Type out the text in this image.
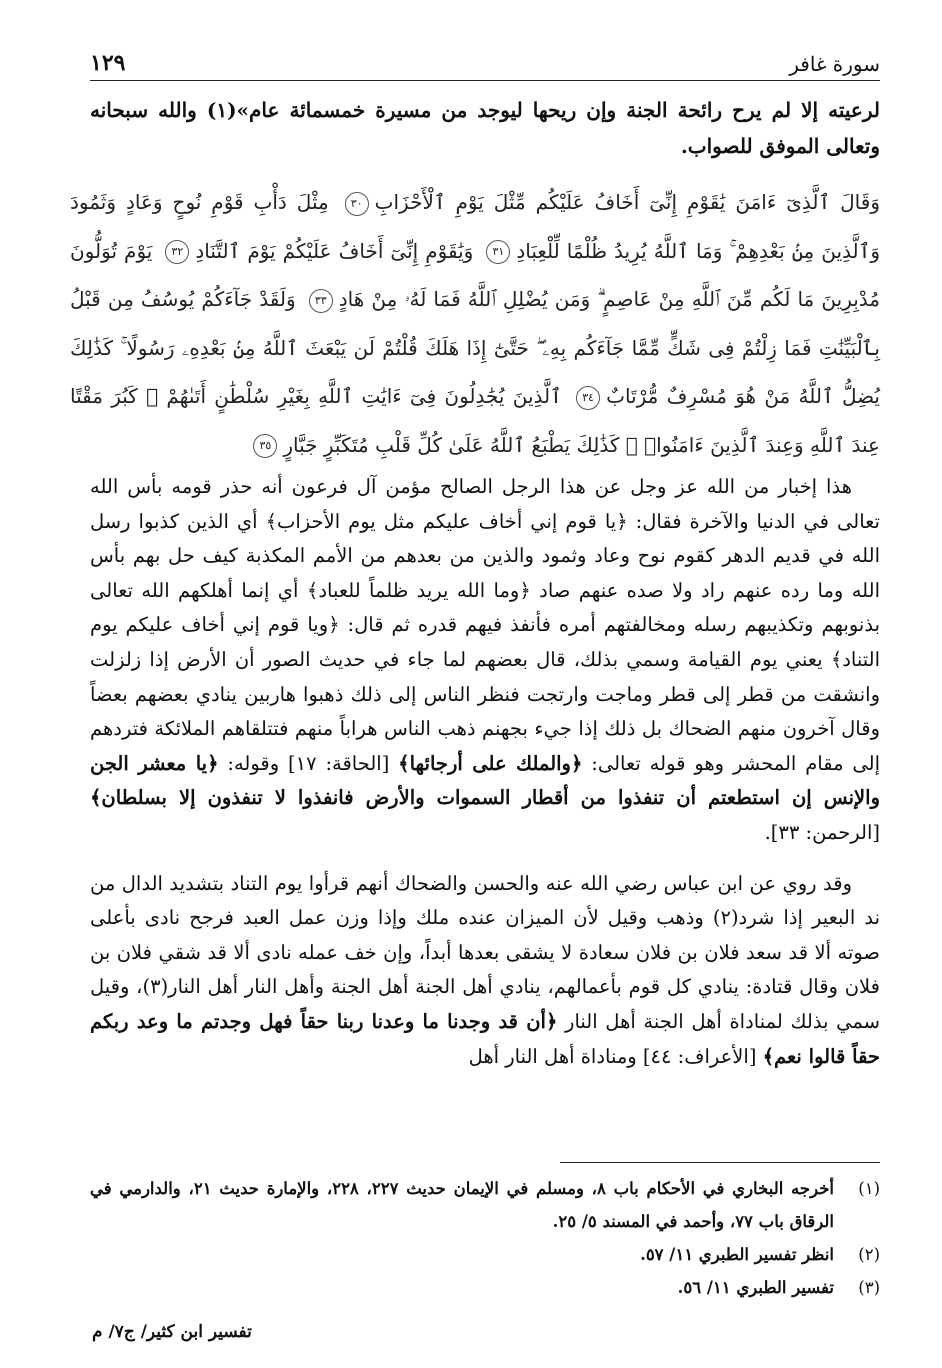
سورة غافر
١٢٩
لرعيته إلا لم يرح رائحة الجنة وإن ريحها ليوجد من مسيرة خمسمائة عام»(١) والله سبحانه وتعالى الموفق للصواب.
وَقَالَ ٱلَّذِىٓ ءَامَنَ يَٰقَوْمِ إِنِّىٓ أَخَافُ عَلَيْكُم مِّثْلَ يَوْمِ ٱلْأَحْزَابِ٣٠ مِثْلَ دَأْبِ قَوْمِ نُوحٍ وَعَادٍ وَثَمُودَ وَٱلَّذِينَ مِنۢ بَعْدِهِمْ ۚ وَمَا ٱللَّهُ يُرِيدُ ظُلْمًا لِّلْعِبَادِ٣١ وَيَٰقَوْمِ إِنِّىٓ أَخَافُ عَلَيْكُمْ يَوْمَ ٱلتَّنَادِ٣٢ يَوْمَ تُوَلُّونَ مُدْبِرِينَ مَا لَكُم مِّنَ ٱللَّهِ مِنْ عَاصِمٍ ۗ وَمَن يُضْلِلِ ٱللَّهُ فَمَا لَهُۥ مِنْ هَادٍ٣٣ وَلَقَدْ جَآءَكُمْ يُوسُفُ مِن قَبْلُ بِٱلْبَيِّنَٰتِ فَمَا زِلْتُمْ فِى شَكٍّ مِّمَّا جَآءَكُم بِهِۦ ۖ حَتَّىٰٓ إِذَا هَلَكَ قُلْتُمْ لَن يَبْعَثَ ٱللَّهُ مِنۢ بَعْدِهِۦ رَسُولًا ۚ كَذَٰلِكَ يُضِلُّ ٱللَّهُ مَنْ هُوَ مُسْرِفٌ مُّرْتَابٌ٣٤ ٱلَّذِينَ يُجَٰدِلُونَ فِىٓ ءَايَٰتِ ٱللَّهِ بِغَيْرِ سُلْطَٰنٍ أَتَىٰهُمْ ۖ كَبُرَ مَقْتًا عِندَ ٱللَّهِ وَعِندَ ٱلَّذِينَ ءَامَنُوا۟ ۚ كَذَٰلِكَ يَطْبَعُ ٱللَّهُ عَلَىٰ كُلِّ قَلْبِ مُتَكَبِّرٍ جَبَّارٍ٣٥

هذا إخبار من الله عز وجل عن هذا الرجل الصالح مؤمن آل فرعون أنه حذر قومه بأس الله تعالى في الدنيا والآخرة فقال: ﴿يا قوم إني أخاف عليكم مثل يوم الأحزاب﴾ أي الذين كذبوا رسل الله في قديم الدهر كقوم نوح وعاد وثمود والذين من بعدهم من الأمم المكذبة كيف حل بهم بأس الله وما رده عنهم راد ولا صده عنهم صاد ﴿وما الله يريد ظلماً للعباد﴾ أي إنما أهلكهم الله تعالى بذنوبهم وتكذيبهم رسله ومخالفتهم أمره فأنفذ فيهم قدره ثم قال: ﴿ويا قوم إني أخاف عليكم يوم التناد﴾ يعني يوم القيامة وسمي بذلك، قال بعضهم لما جاء في حديث الصور أن الأرض إذا زلزلت وانشقت من قطر إلى قطر وماجت وارتجت فنظر الناس إلى ذلك ذهبوا هاربين ينادي بعضهم بعضاً وقال آخرون منهم الضحاك بل ذلك إذا جيء بجهنم ذهب الناس هراباً منهم فتتلقاهم الملائكة فتردهم إلى مقام المحشر وهو قوله تعالى: ﴿والملك على أرجائها﴾ [الحاقة: ١٧] وقوله: ﴿يا معشر الجن والإنس إن استطعتم أن تنفذوا من أقطار السموات والأرض فانفذوا لا تنفذون إلا بسلطان﴾ [الرحمن: ٣٣].

وقد روي عن ابن عباس رضي الله عنه والحسن والضحاك أنهم قرأوا يوم التناد بتشديد الدال من ند البعير إذا شرد(٢) وذهب وقيل لأن الميزان عنده ملك وإذا وزن عمل العبد فرجح نادى بأعلى صوته ألا قد سعد فلان بن فلان سعادة لا يشقى بعدها أبداً، وإن خف عمله نادى ألا قد شقي فلان بن فلان وقال قتادة: ينادي كل قوم بأعمالهم، ينادي أهل الجنة أهل الجنة وأهل النار أهل النار(٣)، وقيل سمي بذلك لمناداة أهل الجنة أهل النار ﴿أن قد وجدنا ما وعدنا ربنا حقاً فهل وجدتم ما وعد ربكم حقاً قالوا نعم﴾ [الأعراف: ٤٤] ومناداة أهل النار أهل

(١)
أخرجه البخاري في الأحكام باب ٨، ومسلم في الإيمان حديث ٢٢٧، ٢٢٨، والإمارة حديث ٢١، والدارمي في الرقاق باب ٧٧، وأحمد في المسند ٥/ ٢٥.
(٢)
انظر تفسير الطبري ١١/ ٥٧.
(٣)
تفسير الطبري ١١/ ٥٦.
تفسير ابن كثير/ ج٧/ م
